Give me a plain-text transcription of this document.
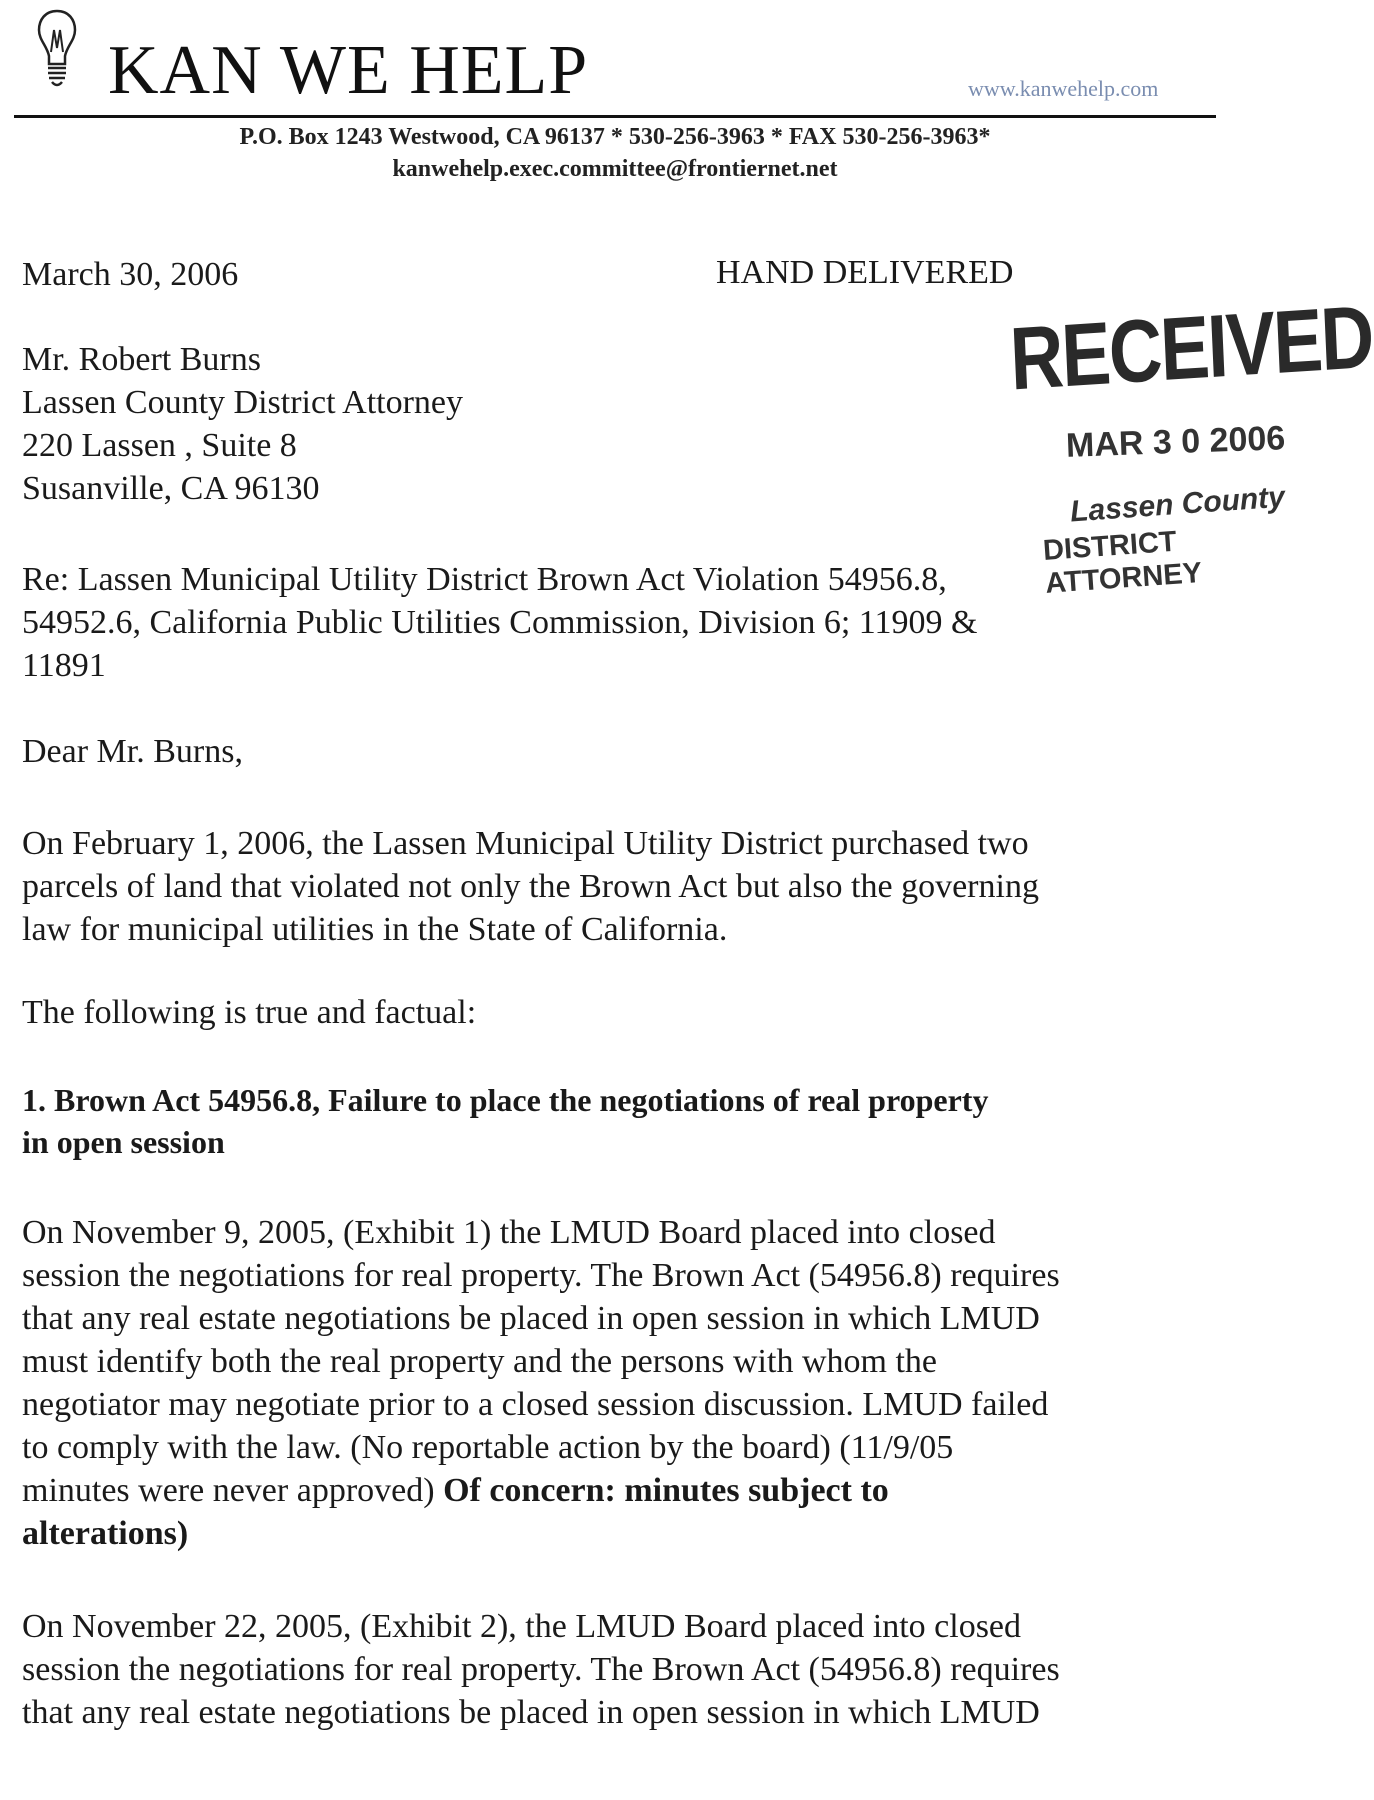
KAN WE HELP	www.kanwehelp.com
P.O. Box 1243 Westwood, CA 96137 * 530-256-3963 * FAX 530-256-3963*
kanwehelp.exec.committee@frontiernet.net
March 30, 2006	HAND DELIVERED
Mr. Robert Burns
Lassen County District Attorney
220 Lassen , Suite 8
Susanville, CA 96130
RECEIVED
MAR 3 0 2006
Lassen County
DISTRICT ATTORNEY
Re: Lassen Municipal Utility District Brown Act Violation 54956.8,
54952.6, California Public Utilities Commission, Division 6; 11909 &
11891
Dear Mr. Burns,
On February 1, 2006, the Lassen Municipal Utility District purchased two
parcels of land that violated not only the Brown Act but also the governing
law for municipal utilities in the State of California.
The following is true and factual:
1. Brown Act 54956.8, Failure to place the negotiations of real property
in open session
On November 9, 2005, (Exhibit 1) the LMUD Board placed into closed
session the negotiations for real property. The Brown Act (54956.8) requires
that any real estate negotiations be placed in open session in which LMUD
must identify both the real property and the persons with whom the
negotiator may negotiate prior to a closed session discussion. LMUD failed
to comply with the law. (No reportable action by the board) (11/9/05
minutes were never approved) Of concern: minutes subject to
alterations)
On November 22, 2005, (Exhibit 2), the LMUD Board placed into closed
session the negotiations for real property. The Brown Act (54956.8) requires
that any real estate negotiations be placed in open session in which LMUD
